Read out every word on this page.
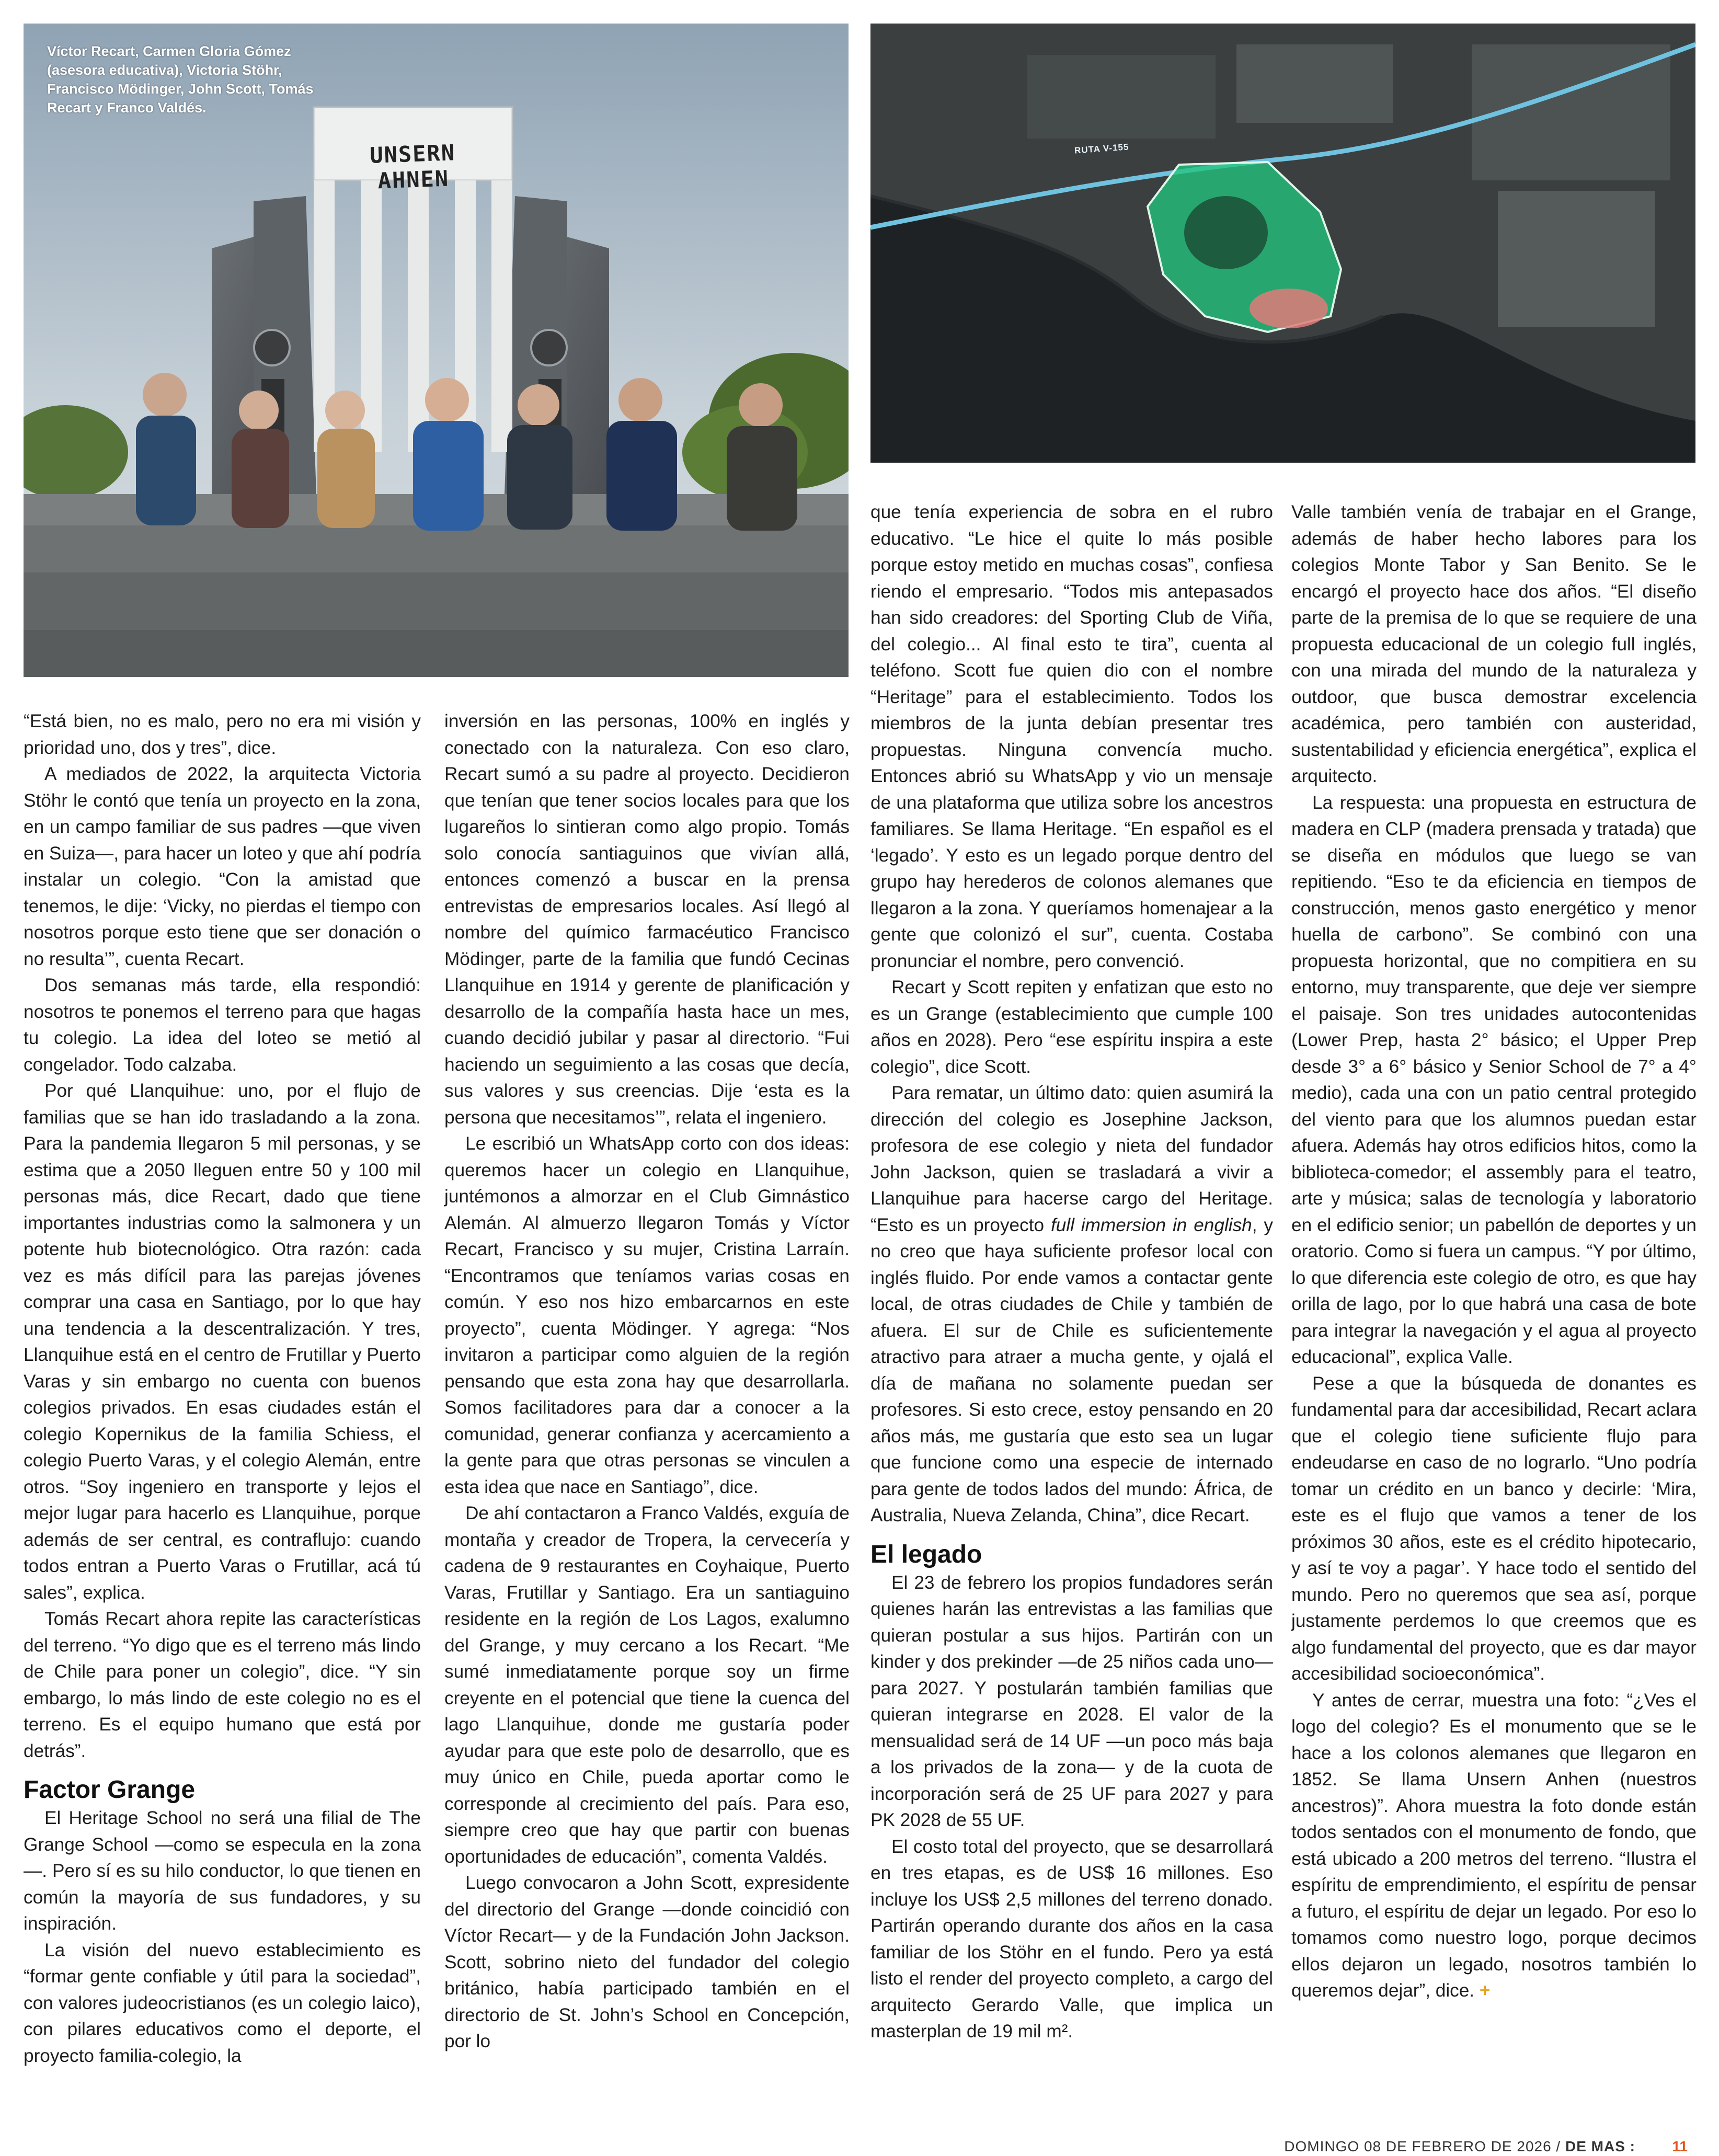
Víctor Recart, Carmen Gloria Gómez (asesora educativa), Victoria Stöhr, Francisco Mödinger, John Scott, Tomás Recart y Franco Valdés.
UNSERN AHNEN
RUTA V-155

“Está bien, no es malo, pero no era mi visión y prioridad uno, dos y tres”, dice.

A mediados de 2022, la arquitecta Victoria Stöhr le contó que tenía un proyecto en la zona, en un campo familiar de sus padres —que viven en Suiza—, para hacer un loteo y que ahí podría instalar un colegio. “Con la amistad que tenemos, le dije: ‘Vicky, no pierdas el tiempo con nosotros porque esto tiene que ser donación o no resulta’”, cuenta Recart.

Dos semanas más tarde, ella respondió: nosotros te ponemos el terreno para que hagas tu colegio. La idea del loteo se metió al congelador. Todo calzaba.

Por qué Llanquihue: uno, por el flujo de familias que se han ido trasladando a la zona. Para la pandemia llegaron 5 mil personas, y se estima que a 2050 lleguen entre 50 y 100 mil personas más, dice Recart, dado que tiene importantes industrias como la salmonera y un potente hub biotecnológico. Otra razón: cada vez es más difícil para las parejas jóvenes comprar una casa en Santiago, por lo que hay una tendencia a la descentralización. Y tres, Llanquihue está en el centro de Frutillar y Puerto Varas y sin embargo no cuenta con buenos colegios privados. En esas ciudades están el colegio Kopernikus de la familia Schiess, el colegio Puerto Varas, y el colegio Alemán, entre otros. “Soy ingeniero en transporte y lejos el mejor lugar para hacerlo es Llanquihue, porque además de ser central, es contraflujo: cuando todos entran a Puerto Varas o Frutillar, acá tú sales”, explica.

Tomás Recart ahora repite las características del terreno. “Yo digo que es el terreno más lindo de Chile para poner un colegio”, dice. “Y sin embargo, lo más lindo de este colegio no es el terreno. Es el equipo humano que está por detrás”.

Factor Grange

El Heritage School no será una filial de The Grange School —como se especula en la zona—. Pero sí es su hilo conductor, lo que tienen en común la mayoría de sus fundadores, y su inspiración.

La visión del nuevo establecimiento es “formar gente confiable y útil para la sociedad”, con valores judeocristianos (es un colegio laico), con pilares educativos como el deporte, el proyecto familia-colegio, la

inversión en las personas, 100% en inglés y conectado con la naturaleza. Con eso claro, Recart sumó a su padre al proyecto. Decidieron que tenían que tener socios locales para que los lugareños lo sintieran como algo propio. Tomás solo conocía santiaguinos que vivían allá, entonces comenzó a buscar en la prensa entrevistas de empresarios locales. Así llegó al nombre del químico farmacéutico Francisco Mödinger, parte de la familia que fundó Cecinas Llanquihue en 1914 y gerente de planificación y desarrollo de la compañía hasta hace un mes, cuando decidió jubilar y pasar al directorio. “Fui haciendo un seguimiento a las cosas que decía, sus valores y sus creencias. Dije ‘esta es la persona que necesitamos’”, relata el ingeniero.

Le escribió un WhatsApp corto con dos ideas: queremos hacer un colegio en Llanquihue, juntémonos a almorzar en el Club Gimnástico Alemán. Al almuerzo llegaron Tomás y Víctor Recart, Francisco y su mujer, Cristina Larraín. “Encontramos que teníamos varias cosas en común. Y eso nos hizo embarcarnos en este proyecto”, cuenta Mödinger. Y agrega: “Nos invitaron a participar como alguien de la región pensando que esta zona hay que desarrollarla. Somos facilitadores para dar a conocer a la comunidad, generar confianza y acercamiento a la gente para que otras personas se vinculen a esta idea que nace en Santiago”, dice.

De ahí contactaron a Franco Valdés, exguía de montaña y creador de Tropera, la cervecería y cadena de 9 restaurantes en Coyhaique, Puerto Varas, Frutillar y Santiago. Era un santiaguino residente en la región de Los Lagos, exalumno del Grange, y muy cercano a los Recart. “Me sumé inmediatamente porque soy un firme creyente en el potencial que tiene la cuenca del lago Llanquihue, donde me gustaría poder ayudar para que este polo de desarrollo, que es muy único en Chile, pueda aportar como le corresponde al crecimiento del país. Para eso, siempre creo que hay que partir con buenas oportunidades de educación”, comenta Valdés.

Luego convocaron a John Scott, expresidente del directorio del Grange —donde coincidió con Víctor Recart— y de la Fundación John Jackson. Scott, sobrino nieto del fundador del colegio británico, había participado también en el directorio de St. John’s School en Concepción, por lo

que tenía experiencia de sobra en el rubro educativo. “Le hice el quite lo más posible porque estoy metido en muchas cosas”, confiesa riendo el empresario. “Todos mis antepasados han sido creadores: del Sporting Club de Viña, del colegio... Al final esto te tira”, cuenta al teléfono. Scott fue quien dio con el nombre “Heritage” para el establecimiento. Todos los miembros de la junta debían presentar tres propuestas. Ninguna convencía mucho. Entonces abrió su WhatsApp y vio un mensaje de una plataforma que utiliza sobre los ancestros familiares. Se llama Heritage. “En español es el ‘legado’. Y esto es un legado porque dentro del grupo hay herederos de colonos alemanes que llegaron a la zona. Y queríamos homenajear a la gente que colonizó el sur”, cuenta. Costaba pronunciar el nombre, pero convenció.

Recart y Scott repiten y enfatizan que esto no es un Grange (establecimiento que cumple 100 años en 2028). Pero “ese espíritu inspira a este colegio”, dice Scott.

Para rematar, un último dato: quien asumirá la dirección del colegio es Josephine Jackson, profesora de ese colegio y nieta del fundador John Jackson, quien se trasladará a vivir a Llanquihue para hacerse cargo del Heritage. “Esto es un proyecto full immersion in english, y no creo que haya suficiente profesor local con inglés fluido. Por ende vamos a contactar gente local, de otras ciudades de Chile y también de afuera. El sur de Chile es suficientemente atractivo para atraer a mucha gente, y ojalá el día de mañana no solamente puedan ser profesores. Si esto crece, estoy pensando en 20 años más, me gustaría que esto sea un lugar que funcione como una especie de internado para gente de todos lados del mundo: África, de Australia, Nueva Zelanda, China”, dice Recart.

El legado

El 23 de febrero los propios fundadores serán quienes harán las entrevistas a las familias que quieran postular a sus hijos. Partirán con un kinder y dos prekinder —de 25 niños cada uno— para 2027. Y postularán también familias que quieran integrarse en 2028. El valor de la mensualidad será de 14 UF —un poco más baja a los privados de la zona— y de la cuota de incorporación será de 25 UF para 2027 y para PK 2028 de 55 UF.

El costo total del proyecto, que se desarrollará en tres etapas, es de US$ 16 millones. Eso incluye los US$ 2,5 millones del terreno donado. Partirán operando durante dos años en la casa familiar de los Stöhr en el fundo. Pero ya está listo el render del proyecto completo, a cargo del arquitecto Gerardo Valle, que implica un masterplan de 19 mil m².

Valle también venía de trabajar en el Grange, además de haber hecho labores para los colegios Monte Tabor y San Benito. Se le encargó el proyecto hace dos años. “El diseño parte de la premisa de lo que se requiere de una propuesta educacional de un colegio full inglés, con una mirada del mundo de la naturaleza y outdoor, que busca demostrar excelencia académica, pero también con austeridad, sustentabilidad y eficiencia energética”, explica el arquitecto.

La respuesta: una propuesta en estructura de madera en CLP (madera prensada y tratada) que se diseña en módulos que luego se van repitiendo. “Eso te da eficiencia en tiempos de construcción, menos gasto energético y menor huella de carbono”. Se combinó con una propuesta horizontal, que no compitiera en su entorno, muy transparente, que deje ver siempre el paisaje. Son tres unidades autocontenidas (Lower Prep, hasta 2° básico; el Upper Prep desde 3° a 6° básico y Senior School de 7° a 4° medio), cada una con un patio central protegido del viento para que los alumnos puedan estar afuera. Además hay otros edificios hitos, como la biblioteca-comedor; el assembly para el teatro, arte y música; salas de tecnología y laboratorio en el edificio senior; un pabellón de deportes y un oratorio. Como si fuera un campus. “Y por último, lo que diferencia este colegio de otro, es que hay orilla de lago, por lo que habrá una casa de bote para integrar la navegación y el agua al proyecto educacional”, explica Valle.

Pese a que la búsqueda de donantes es fundamental para dar accesibilidad, Recart aclara que el colegio tiene suficiente flujo para endeudarse en caso de no lograrlo. “Uno podría tomar un crédito en un banco y decirle: ‘Mira, este es el flujo que vamos a tener de los próximos 30 años, este es el crédito hipotecario, y así te voy a pagar’. Y hace todo el sentido del mundo. Pero no queremos que sea así, porque justamente perdemos lo que creemos que es algo fundamental del proyecto, que es dar mayor accesibilidad socioeconómica”.

Y antes de cerrar, muestra una foto: “¿Ves el logo del colegio? Es el monumento que se le hace a los colonos alemanes que llegaron en 1852. Se llama Unsern Anhen (nuestros ancestros)”. Ahora muestra la foto donde están todos sentados con el monumento de fondo, que está ubicado a 200 metros del terreno. “Ilustra el espíritu de emprendimiento, el espíritu de pensar a futuro, el espíritu de dejar un legado. Por eso lo tomamos como nuestro logo, porque decimos ellos dejaron un legado, nosotros también lo queremos dejar”, dice. +

DOMINGO 08 DE FEBRERO DE 2026 / DE MAS :	11
